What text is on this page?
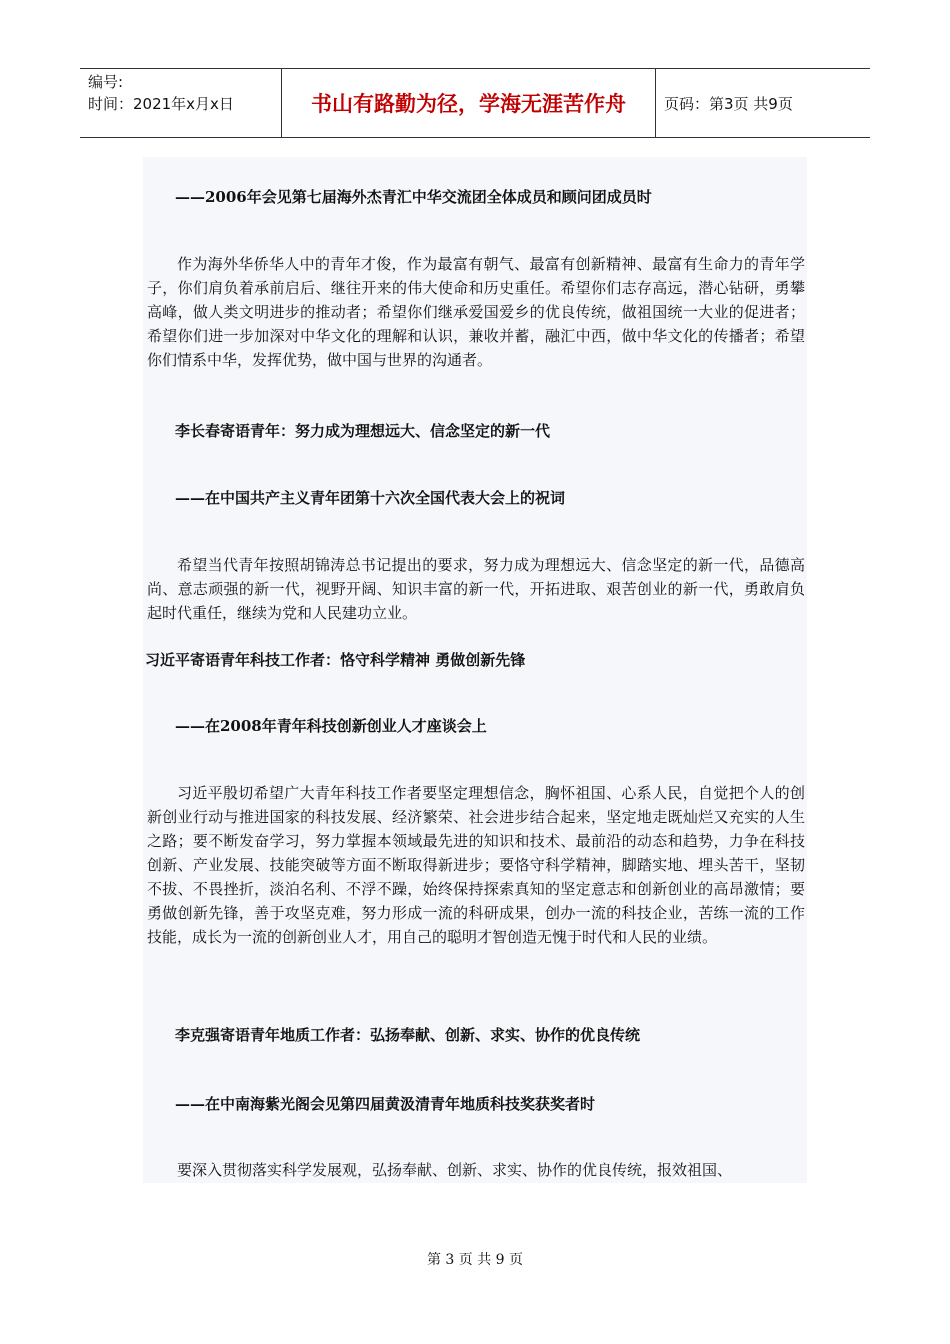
编号:
时间：2021年x月x日	书山有路勤为径，学海无涯苦作舟	页码：第3页 共9页
——2006年会见第七届海外杰青汇中华交流团全体成员和顾问团成员时
作为海外华侨华人中的青年才俊，作为最富有朝气、最富有创新精神、最富有生命力的青年学子，你们肩负着承前启后、继往开来的伟大使命和历史重任。希望你们志存高远，潜心钻研，勇攀高峰，做人类文明进步的推动者；希望你们继承爱国爱乡的优良传统，做祖国统一大业的促进者；希望你们进一步加深对中华文化的理解和认识，兼收并蓄，融汇中西，做中华文化的传播者；希望你们情系中华，发挥优势，做中国与世界的沟通者。
李长春寄语青年：努力成为理想远大、信念坚定的新一代
——在中国共产主义青年团第十六次全国代表大会上的祝词
希望当代青年按照胡锦涛总书记提出的要求，努力成为理想远大、信念坚定的新一代，品德高尚、意志顽强的新一代，视野开阔、知识丰富的新一代，开拓进取、艰苦创业的新一代，勇敢肩负起时代重任，继续为党和人民建功立业。
习近平寄语青年科技工作者：恪守科学精神 勇做创新先锋
——在2008年青年科技创新创业人才座谈会上
习近平殷切希望广大青年科技工作者要坚定理想信念，胸怀祖国、心系人民，自觉把个人的创新创业行动与推进国家的科技发展、经济繁荣、社会进步结合起来，坚定地走既灿烂又充实的人生之路；要不断发奋学习，努力掌握本领域最先进的知识和技术、最前沿的动态和趋势，力争在科技创新、产业发展、技能突破等方面不断取得新进步；要恪守科学精神，脚踏实地、埋头苦干，坚韧不拔、不畏挫折，淡泊名利、不浮不躁，始终保持探索真知的坚定意志和创新创业的高昂激情；要勇做创新先锋，善于攻坚克难，努力形成一流的科研成果，创办一流的科技企业，苦练一流的工作技能，成长为一流的创新创业人才，用自己的聪明才智创造无愧于时代和人民的业绩。
李克强寄语青年地质工作者：弘扬奉献、创新、求实、协作的优良传统
——在中南海紫光阁会见第四届黄汲清青年地质科技奖获奖者时
要深入贯彻落实科学发展观，弘扬奉献、创新、求实、协作的优良传统，报效祖国、
第 3 页 共 9 页
